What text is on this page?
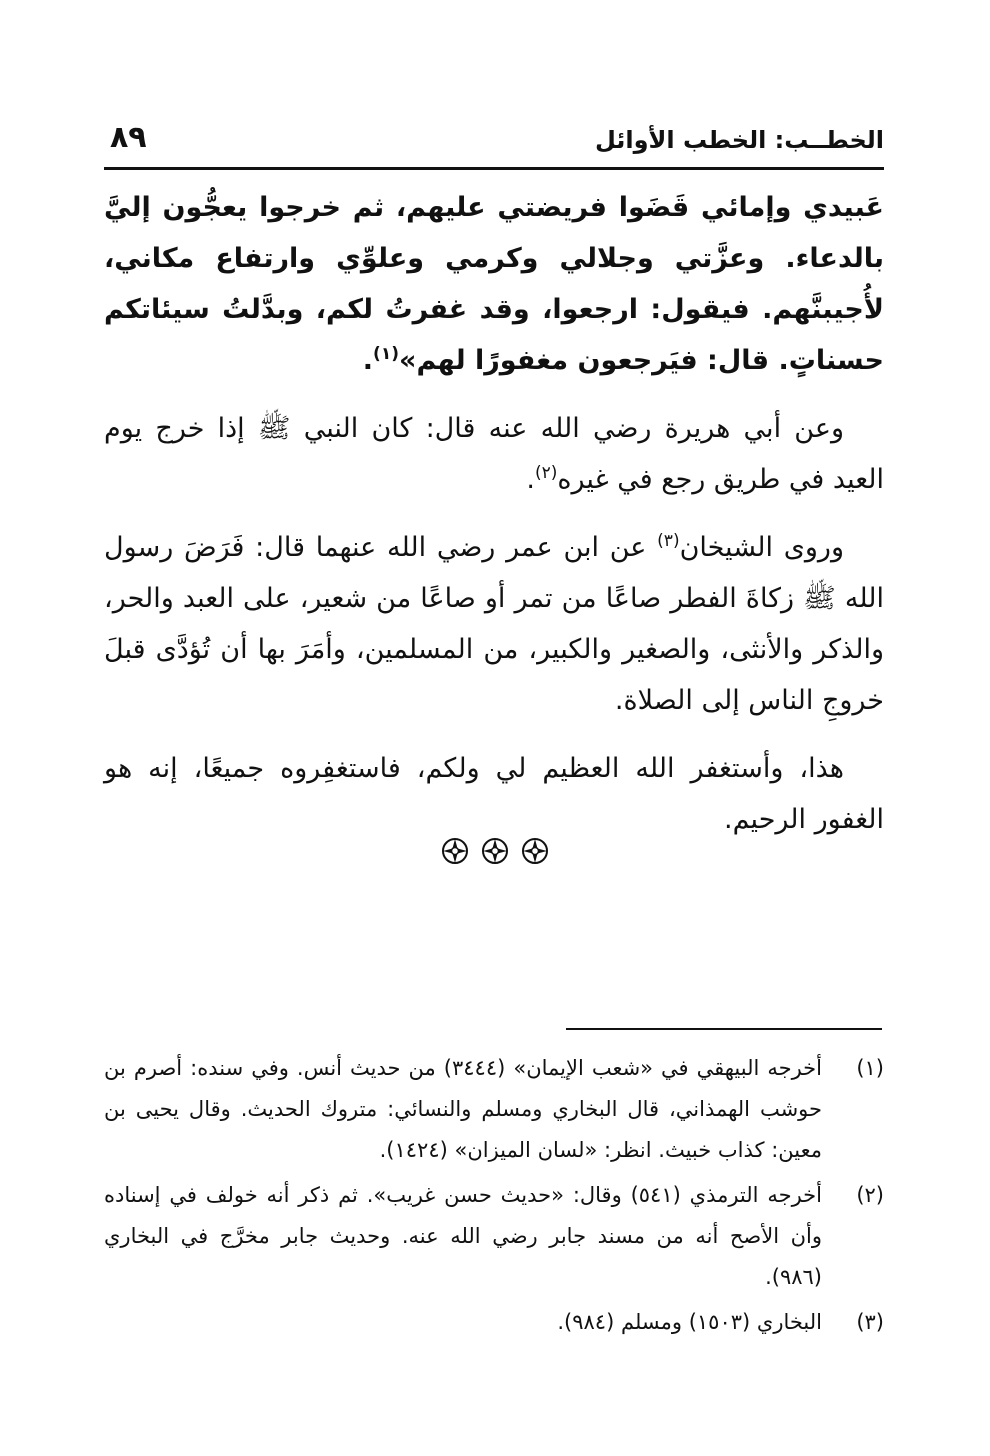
الخطــب: الخطب الأوائل
٨٩

عَبيدي وإمائي قَضَوا فريضتي عليهم، ثم خرجوا يعجُّون إليَّ بالدعاء. وعزَّتي وجلالي وكرمي وعلوِّي وارتفاع مكاني، لأُجيبنَّهم. فيقول: ارجعوا، وقد غفرتُ لكم، وبدَّلتُ سيئاتكم حسناتٍ. قال: فيَرجعون مغفورًا لهم»$^{(١)}$.

وعن أبي هريرة رضي الله عنه قال: كان النبي ﷺ إذا خرج يوم العيد في طريق رجع في غيره$^{(٢)}$.

وروى الشيخان$^{(٣)}$ عن ابن عمر رضي الله عنهما قال: فَرَضَ رسول الله ﷺ زكاةَ الفطر صاعًا من تمر أو صاعًا من شعير، على العبد والحر، والذكر والأنثى، والصغير والكبير، من المسلمين، وأمَرَ بها أن تُؤدَّى قبلَ خروجِ الناس إلى الصلاة.

هذا، وأستغفر الله العظيم لي ولكم، فاستغفِروه جميعًا، إنه هو الغفور الرحيم.

(١)
أخرجه البيهقي في «شعب الإيمان» (٣٤٤٤) من حديث أنس. وفي سنده: أصرم بن حوشب الهمذاني، قال البخاري ومسلم والنسائي: متروك الحديث. وقال يحيى بن معين: كذاب خبيث. انظر: «لسان الميزان» (١٤٢٤).

(٢)
أخرجه الترمذي (٥٤١) وقال: «حديث حسن غريب». ثم ذكر أنه خولف في إسناده وأن الأصح أنه من مسند جابر رضي الله عنه. وحديث جابر مخرَّج في البخاري (٩٨٦).

(٣)
البخاري (١٥٠٣) ومسلم (٩٨٤).
